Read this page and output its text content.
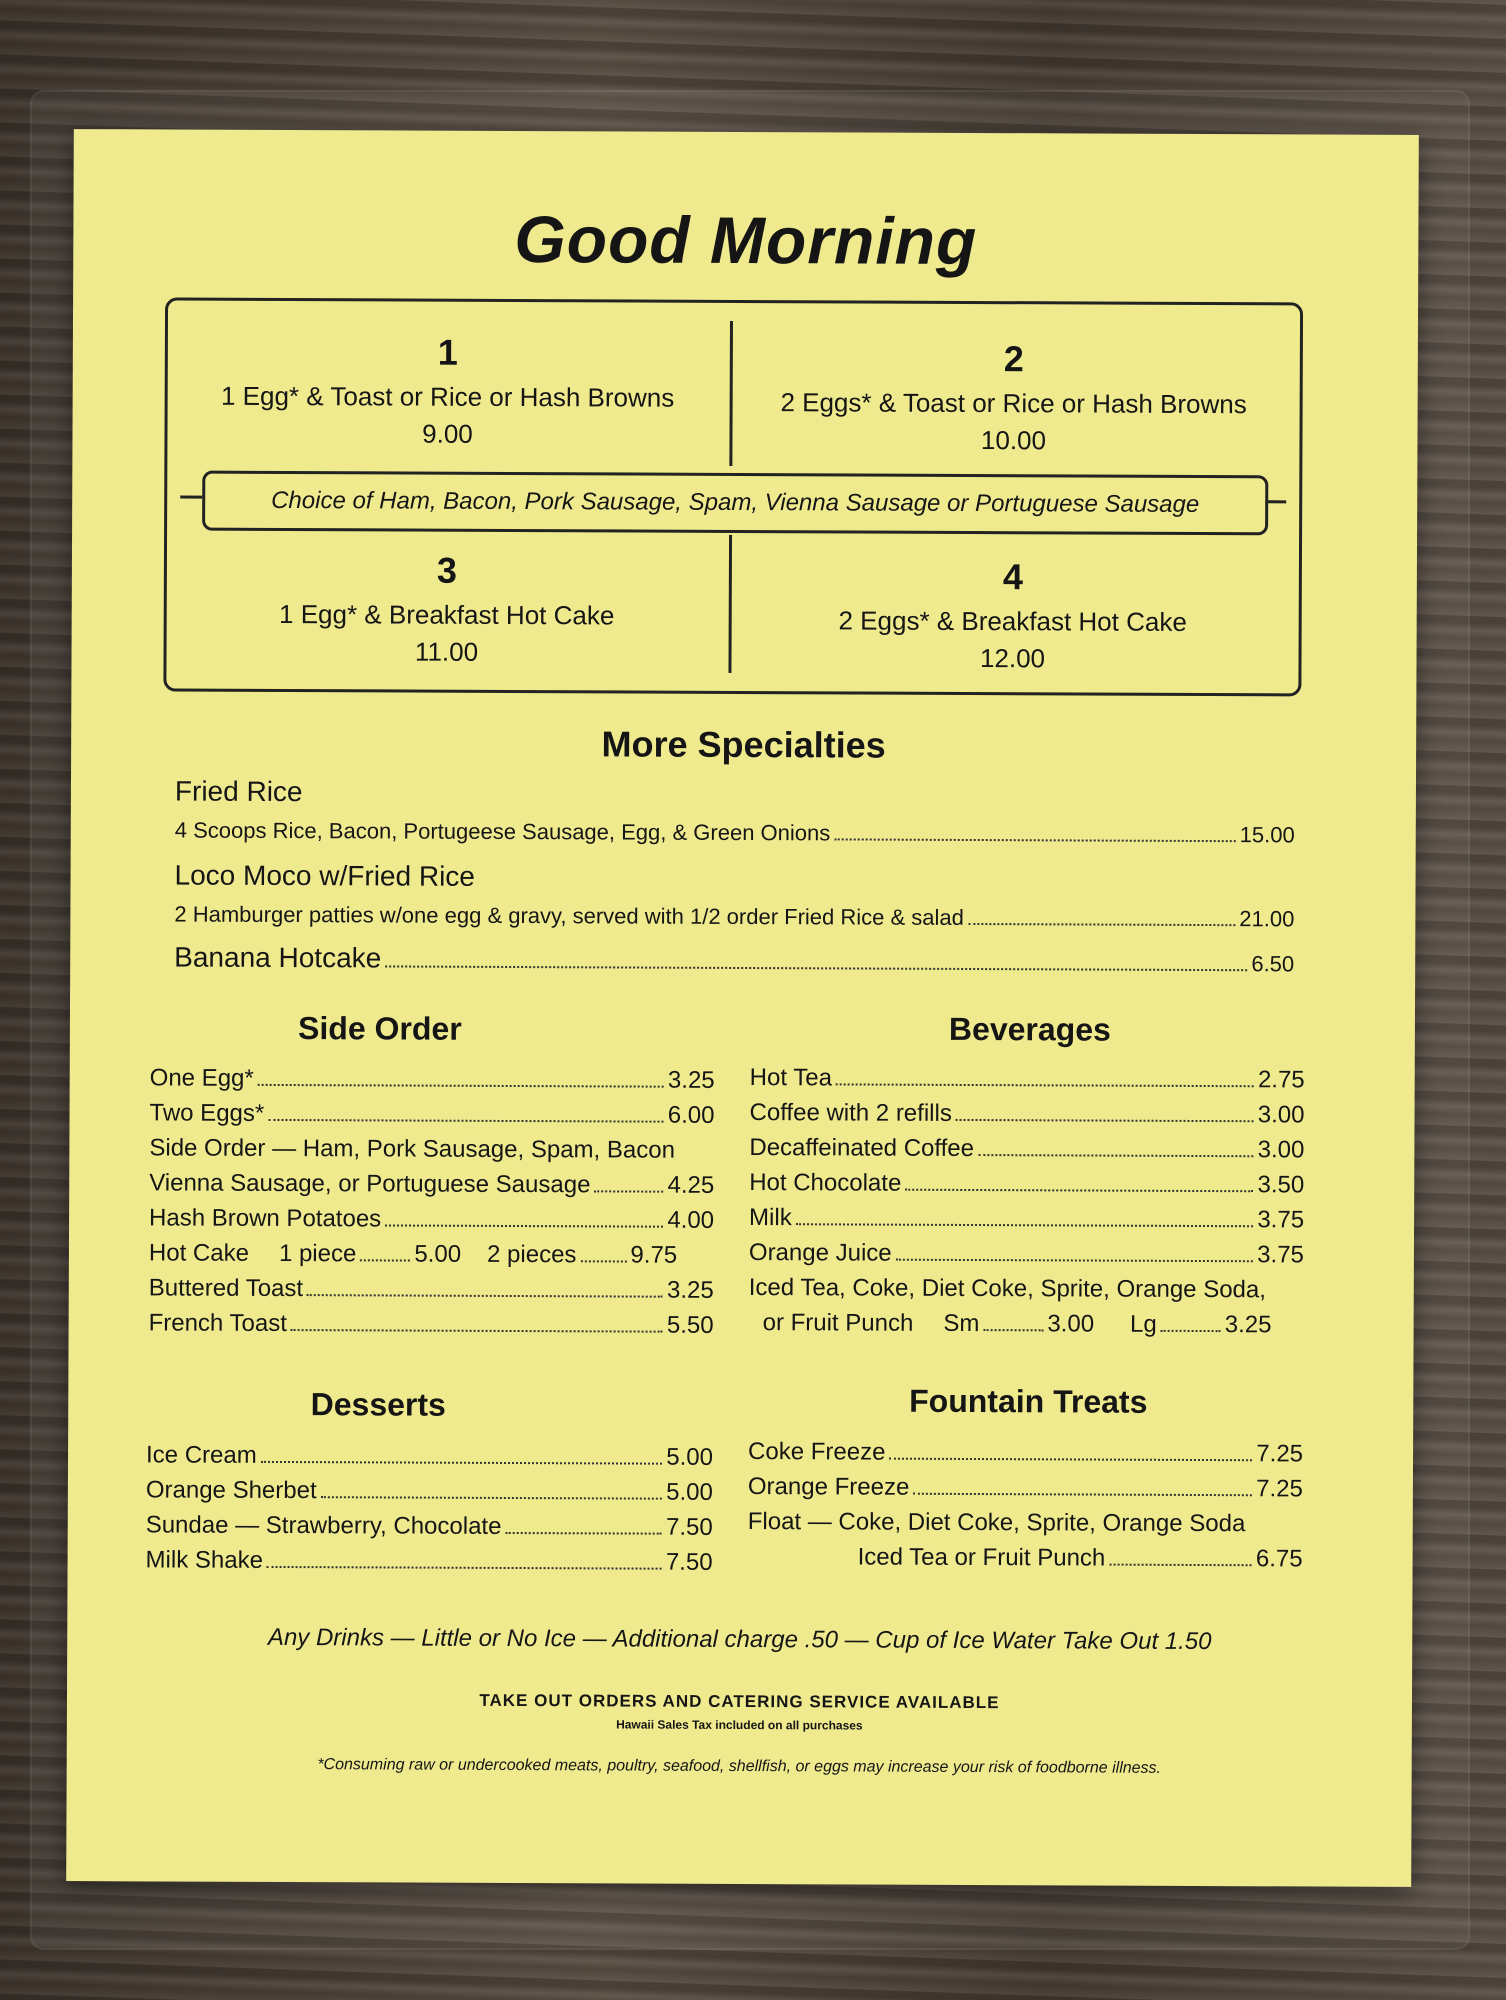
Good Morning
1
1 Egg* & Toast or Rice or Hash Browns
9.00
2
2 Eggs* & Toast or Rice or Hash Browns
10.00
Choice of Ham, Bacon, Pork Sausage, Spam, Vienna Sausage or Portuguese Sausage
3
1 Egg* & Breakfast Hot Cake
11.00
4
2 Eggs* & Breakfast Hot Cake
12.00
More Specialties
Fried Rice
4 Scoops Rice, Bacon, Portugeese Sausage, Egg, & Green Onions	15.00
Loco Moco w/Fried Rice
2 Hamburger patties w/one egg & gravy, served with 1/2 order Fried Rice & salad	21.00
Banana Hotcake	6.50
Side Order
One Egg*	3.25
Two Eggs*	6.00
Side Order — Ham, Pork Sausage, Spam, Bacon
Vienna Sausage, or Portuguese Sausage	4.25
Hash Brown Potatoes	4.00
Hot Cake 1 piece 5.00 2 pieces 9.75
Buttered Toast	3.25
French Toast	5.50
Beverages
Hot Tea	2.75
Coffee with 2 refills	3.00
Decaffeinated Coffee	3.00
Hot Chocolate	3.50
Milk	3.75
Orange Juice	3.75
Iced Tea, Coke, Diet Coke, Sprite, Orange Soda,
or Fruit Punch Sm	3.00 Lg	3.25
Desserts
Ice Cream	5.00
Orange Sherbet	5.00
Sundae — Strawberry, Chocolate	7.50
Milk Shake	7.50
Fountain Treats
Coke Freeze	7.25
Orange Freeze	7.25
Float — Coke, Diet Coke, Sprite, Orange Soda
Iced Tea or Fruit Punch	6.75
Any Drinks — Little or No Ice — Additional charge .50 — Cup of Ice Water Take Out 1.50
TAKE OUT ORDERS AND CATERING SERVICE AVAILABLE
Hawaii Sales Tax included on all purchases
*Consuming raw or undercooked meats, poultry, seafood, shellfish, or eggs may increase your risk of foodborne illness.
